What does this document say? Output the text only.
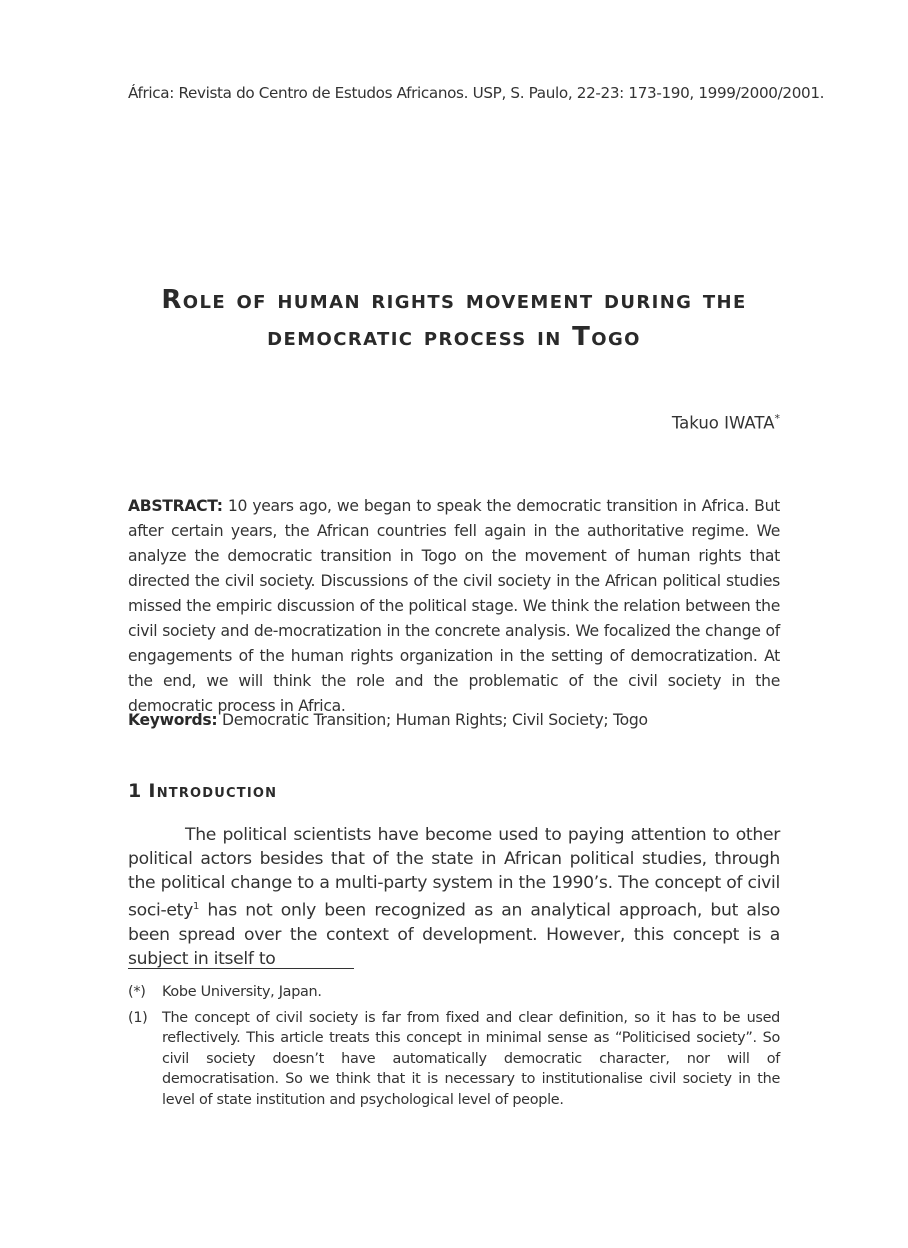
África: Revista do Centro de Estudos Africanos. USP, S. Paulo, 22-23: 173-190, 1999/2000/2001.
Role of human rights movement during the
democratic process in Togo
Takuo IWATA*
ABSTRACT: 10 years ago, we began to speak the democratic transition in Africa. But after certain years, the African countries fell again in the authoritative regime. We analyze the democratic transition in Togo on the movement of human rights that directed the civil society. Discussions of the civil society in the African political studies missed the empiric discussion of the political stage. We think the relation between the civil society and de-mocratization in the concrete analysis. We focalized the change of engagements of the human rights organization in the setting of democratization. At the end, we will think the role and the problematic of the civil society in the democratic process in Africa.
Keywords: Democratic Transition; Human Rights; Civil Society; Togo
1 Introduction

The political scientists have become used to paying attention to other political actors besides that of the state in African political studies, through the political change to a multi-party system in the 1990’s. The concept of civil soci-ety$^1$ has not only been recognized as an analytical approach, but also been spread over the context of development. However, this concept is a subject in itself to

(*)	Kobe University, Japan.
(1)	The concept of civil society is far from fixed and clear definition, so it has to be used reflectively. This article treats this concept in minimal sense as “Politicised society”. So civil society doesn’t have automatically democratic character, nor will of democratisation. So we think that it is necessary to institutionalise civil society in the level of state institution and psychological level of people.
